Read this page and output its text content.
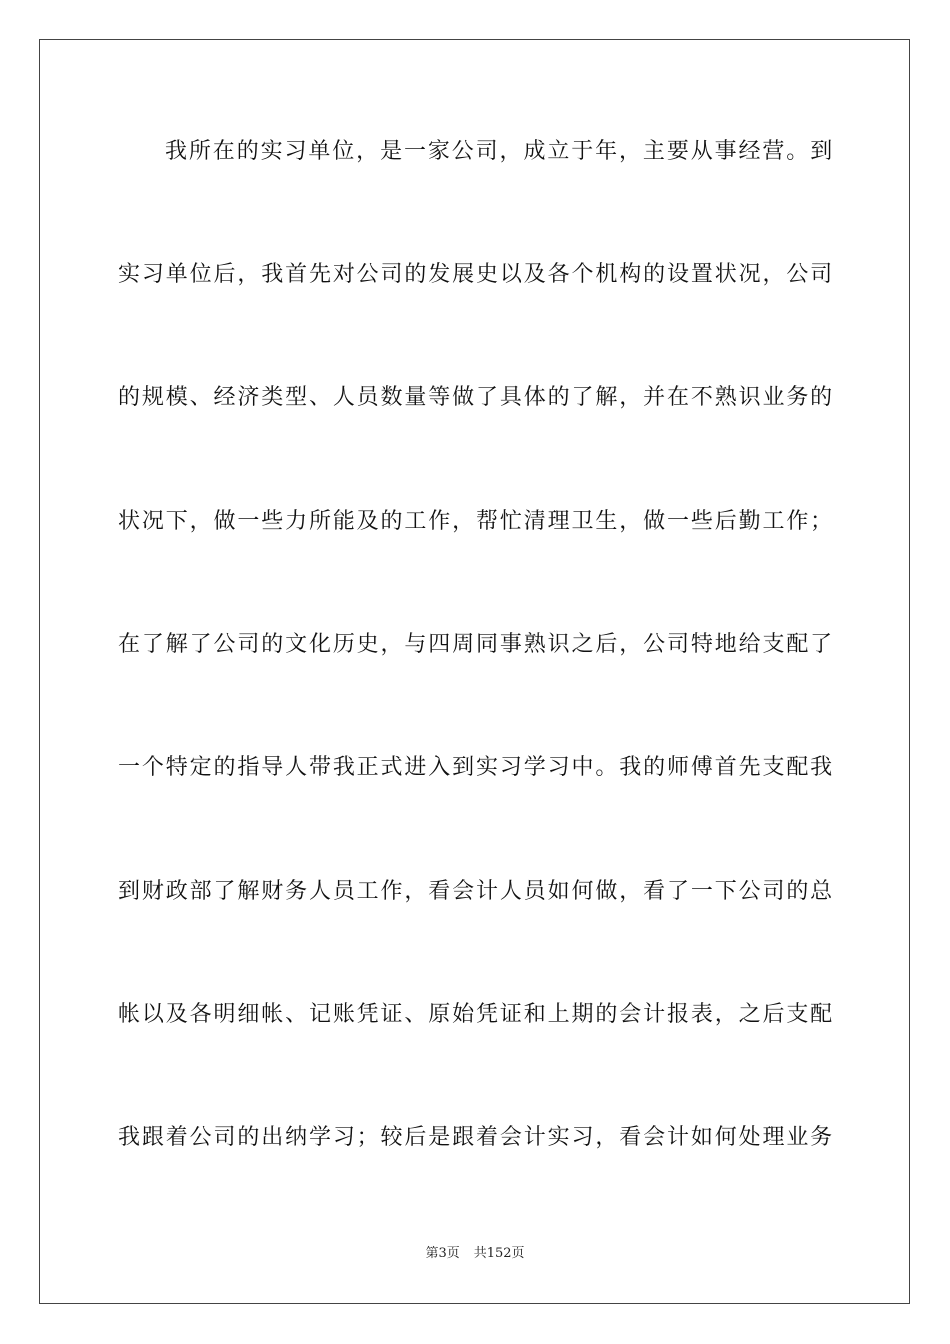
我所在的实习单位，是一家公司，成立于年，主要从事经营。到

实习单位后，我首先对公司的发展史以及各个机构的设置状况，公司

的规模、经济类型、人员数量等做了具体的了解，并在不熟识业务的

状况下，做一些力所能及的工作，帮忙清理卫生，做一些后勤工作；

在了解了公司的文化历史，与四周同事熟识之后，公司特地给支配了

一个特定的指导人带我正式进入到实习学习中。我的师傅首先支配我

到财政部了解财务人员工作，看会计人员如何做，看了一下公司的总

帐以及各明细帐、记账凭证、原始凭证和上期的会计报表，之后支配

我跟着公司的出纳学习；较后是跟着会计实习，看会计如何处理业务

第3页 共152页
